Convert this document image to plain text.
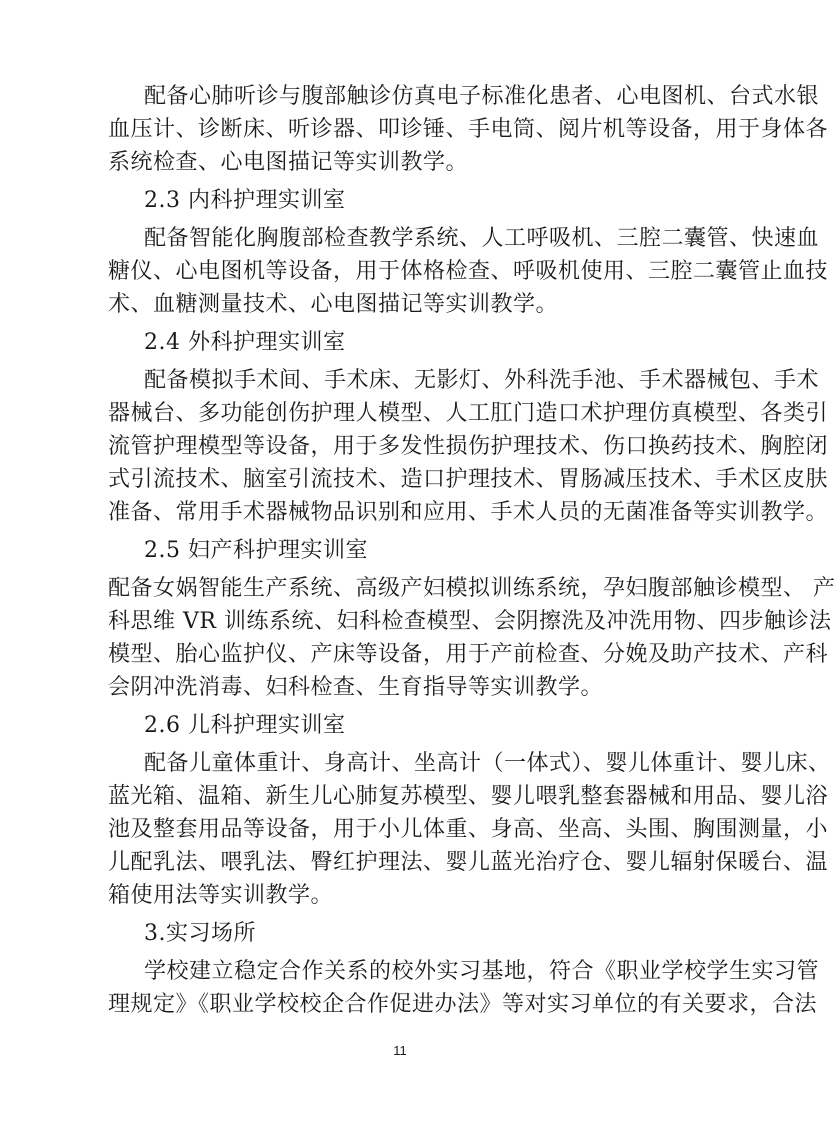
配备心肺听诊与腹部触诊仿真电子标准化患者、心电图机、台式水银
血压计、诊断床、听诊器、叩诊锤、手电筒、阅片机等设备，用于身体各
系统检查、心电图描记等实训教学。
2.3 内科护理实训室
配备智能化胸腹部检查教学系统、人工呼吸机、三腔二囊管、快速血
糖仪、心电图机等设备，用于体格检查、呼吸机使用、三腔二囊管止血技
术、血糖测量技术、心电图描记等实训教学。
2.4 外科护理实训室
配备模拟手术间、手术床、无影灯、外科洗手池、手术器械包、手术
器械台、多功能创伤护理人模型、人工肛门造口术护理仿真模型、各类引
流管护理模型等设备，用于多发性损伤护理技术、伤口换药技术、胸腔闭
式引流技术、脑室引流技术、造口护理技术、胃肠减压技术、手术区皮肤
准备、常用手术器械物品识别和应用、手术人员的无菌准备等实训教学。
2.5 妇产科护理实训室
配备女娲智能生产系统、高级产妇模拟训练系统，孕妇腹部触诊模型、 产
科思维 VR 训练系统、妇科检查模型、会阴擦洗及冲洗用物、四步触诊法
模型、胎心监护仪、产床等设备，用于产前检查、分娩及助产技术、产科
会阴冲洗消毒、妇科检查、生育指导等实训教学。
2.6 儿科护理实训室
配备儿童体重计、身高计、坐高计（一体式）、婴儿体重计、婴儿床、
蓝光箱、温箱、新生儿心肺复苏模型、婴儿喂乳整套器械和用品、婴儿浴
池及整套用品等设备，用于小儿体重、身高、坐高、头围、胸围测量，小
儿配乳法、喂乳法、臀红护理法、婴儿蓝光治疗仓、婴儿辐射保暖台、温
箱使用法等实训教学。
3.实习场所
学校建立稳定合作关系的校外实习基地，符合《职业学校学生实习管
理规定》《职业学校校企合作促进办法》等对实习单位的有关要求，合法
11
